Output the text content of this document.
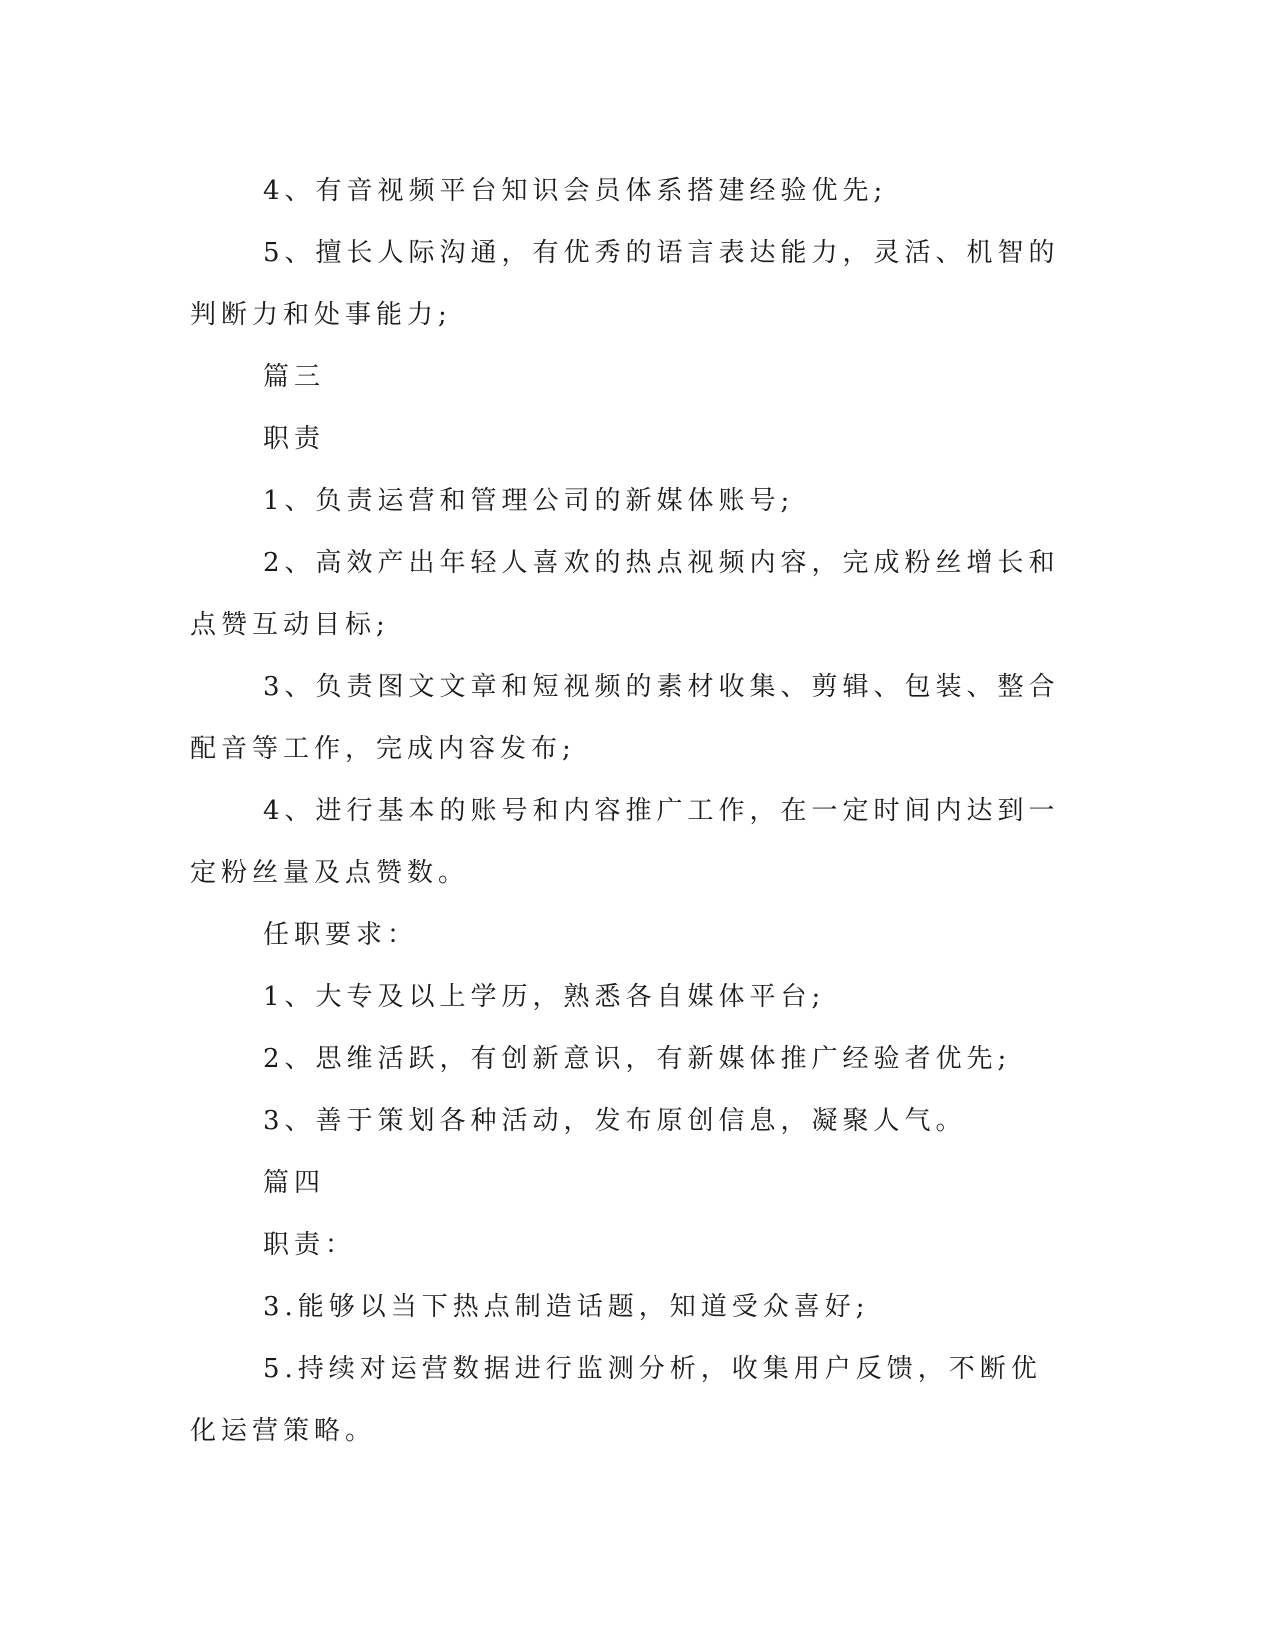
4、有音视频平台知识会员体系搭建经验优先;

5、擅长人际沟通，有优秀的语言表达能力，灵活、机智的判断力和处事能力;

篇三

职责

1、负责运营和管理公司的新媒体账号;

2、高效产出年轻人喜欢的热点视频内容，完成粉丝增长和点赞互动目标;

3、负责图文文章和短视频的素材收集、剪辑、包装、整合配音等工作，完成内容发布;

4、进行基本的账号和内容推广工作，在一定时间内达到一定粉丝量及点赞数。

任职要求：

1、大专及以上学历，熟悉各自媒体平台;

2、思维活跃，有创新意识，有新媒体推广经验者优先;

3、善于策划各种活动，发布原创信息，凝聚人气。

篇四

职责：

3.能够以当下热点制造话题，知道受众喜好;

5.持续对运营数据进行监测分析，收集用户反馈，不断优化运营策略。
